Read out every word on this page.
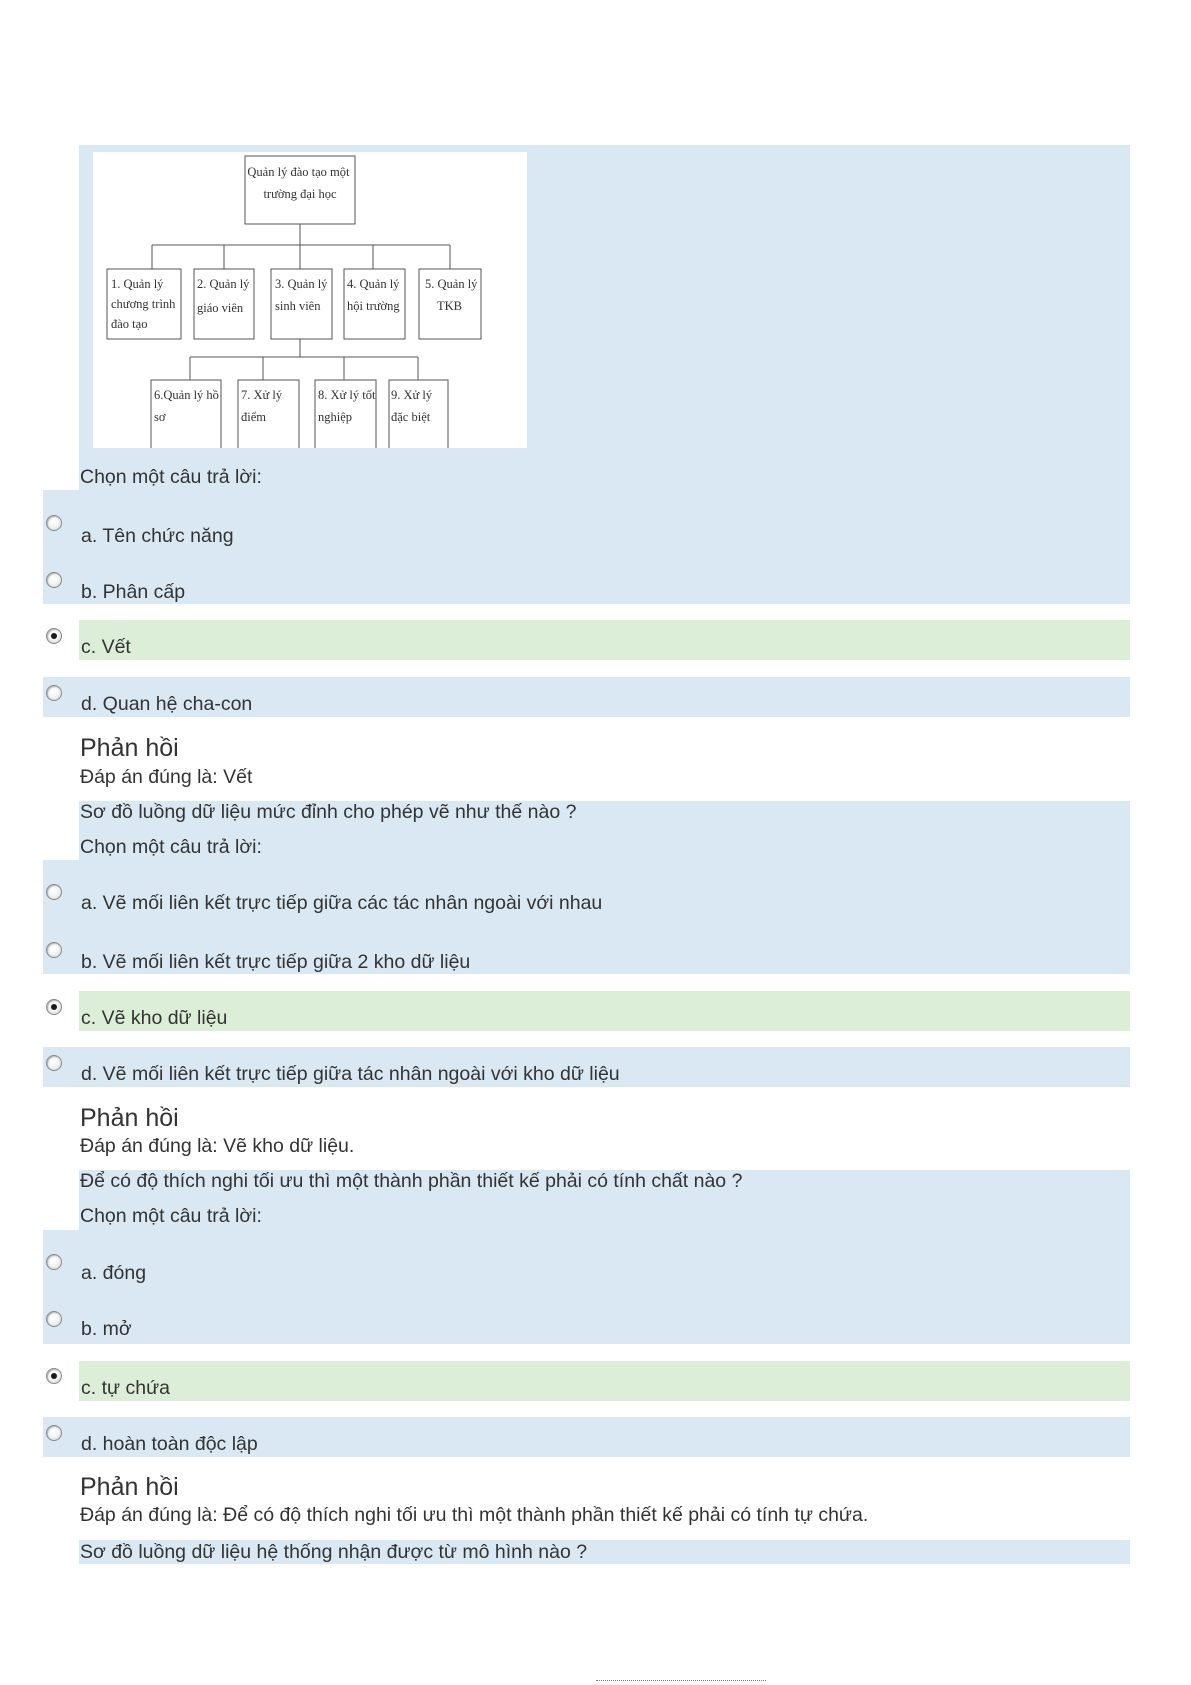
Quản lý đào tạo một trường đại học
1. Quản lý chương trình đào tạo
2. Quản lý giáo viên
3. Quản lý sinh viên
4. Quản lý hội trường
5. Quản lý TKB
6.Quản lý hồ sơ
7. Xử lý điểm
8. Xử lý tốt nghiệp
9. Xử lý đặc biệt
Chọn một câu trả lời:
a. Tên chức năng
b. Phân cấp
c. Vết
d. Quan hệ cha-con
Phản hồi
Đáp án đúng là: Vết
Sơ đồ luồng dữ liệu mức đỉnh cho phép vẽ như thế nào ?
Chọn một câu trả lời:
a. Vẽ mối liên kết trực tiếp giữa các tác nhân ngoài với nhau
b. Vẽ mối liên kết trực tiếp giữa 2 kho dữ liệu
c. Vẽ kho dữ liệu
d. Vẽ mối liên kết trực tiếp giữa tác nhân ngoài với kho dữ liệu
Phản hồi
Đáp án đúng là: Vẽ kho dữ liệu.
Để có độ thích nghi tối ưu thì một thành phần thiết kế phải có tính chất nào ?
Chọn một câu trả lời:
a. đóng
b. mở
c. tự chứa
d. hoàn toàn độc lập
Phản hồi
Đáp án đúng là: Để có độ thích nghi tối ưu thì một thành phần thiết kế phải có tính tự chứa.
Sơ đồ luồng dữ liệu hệ thống nhận được từ mô hình nào ?
